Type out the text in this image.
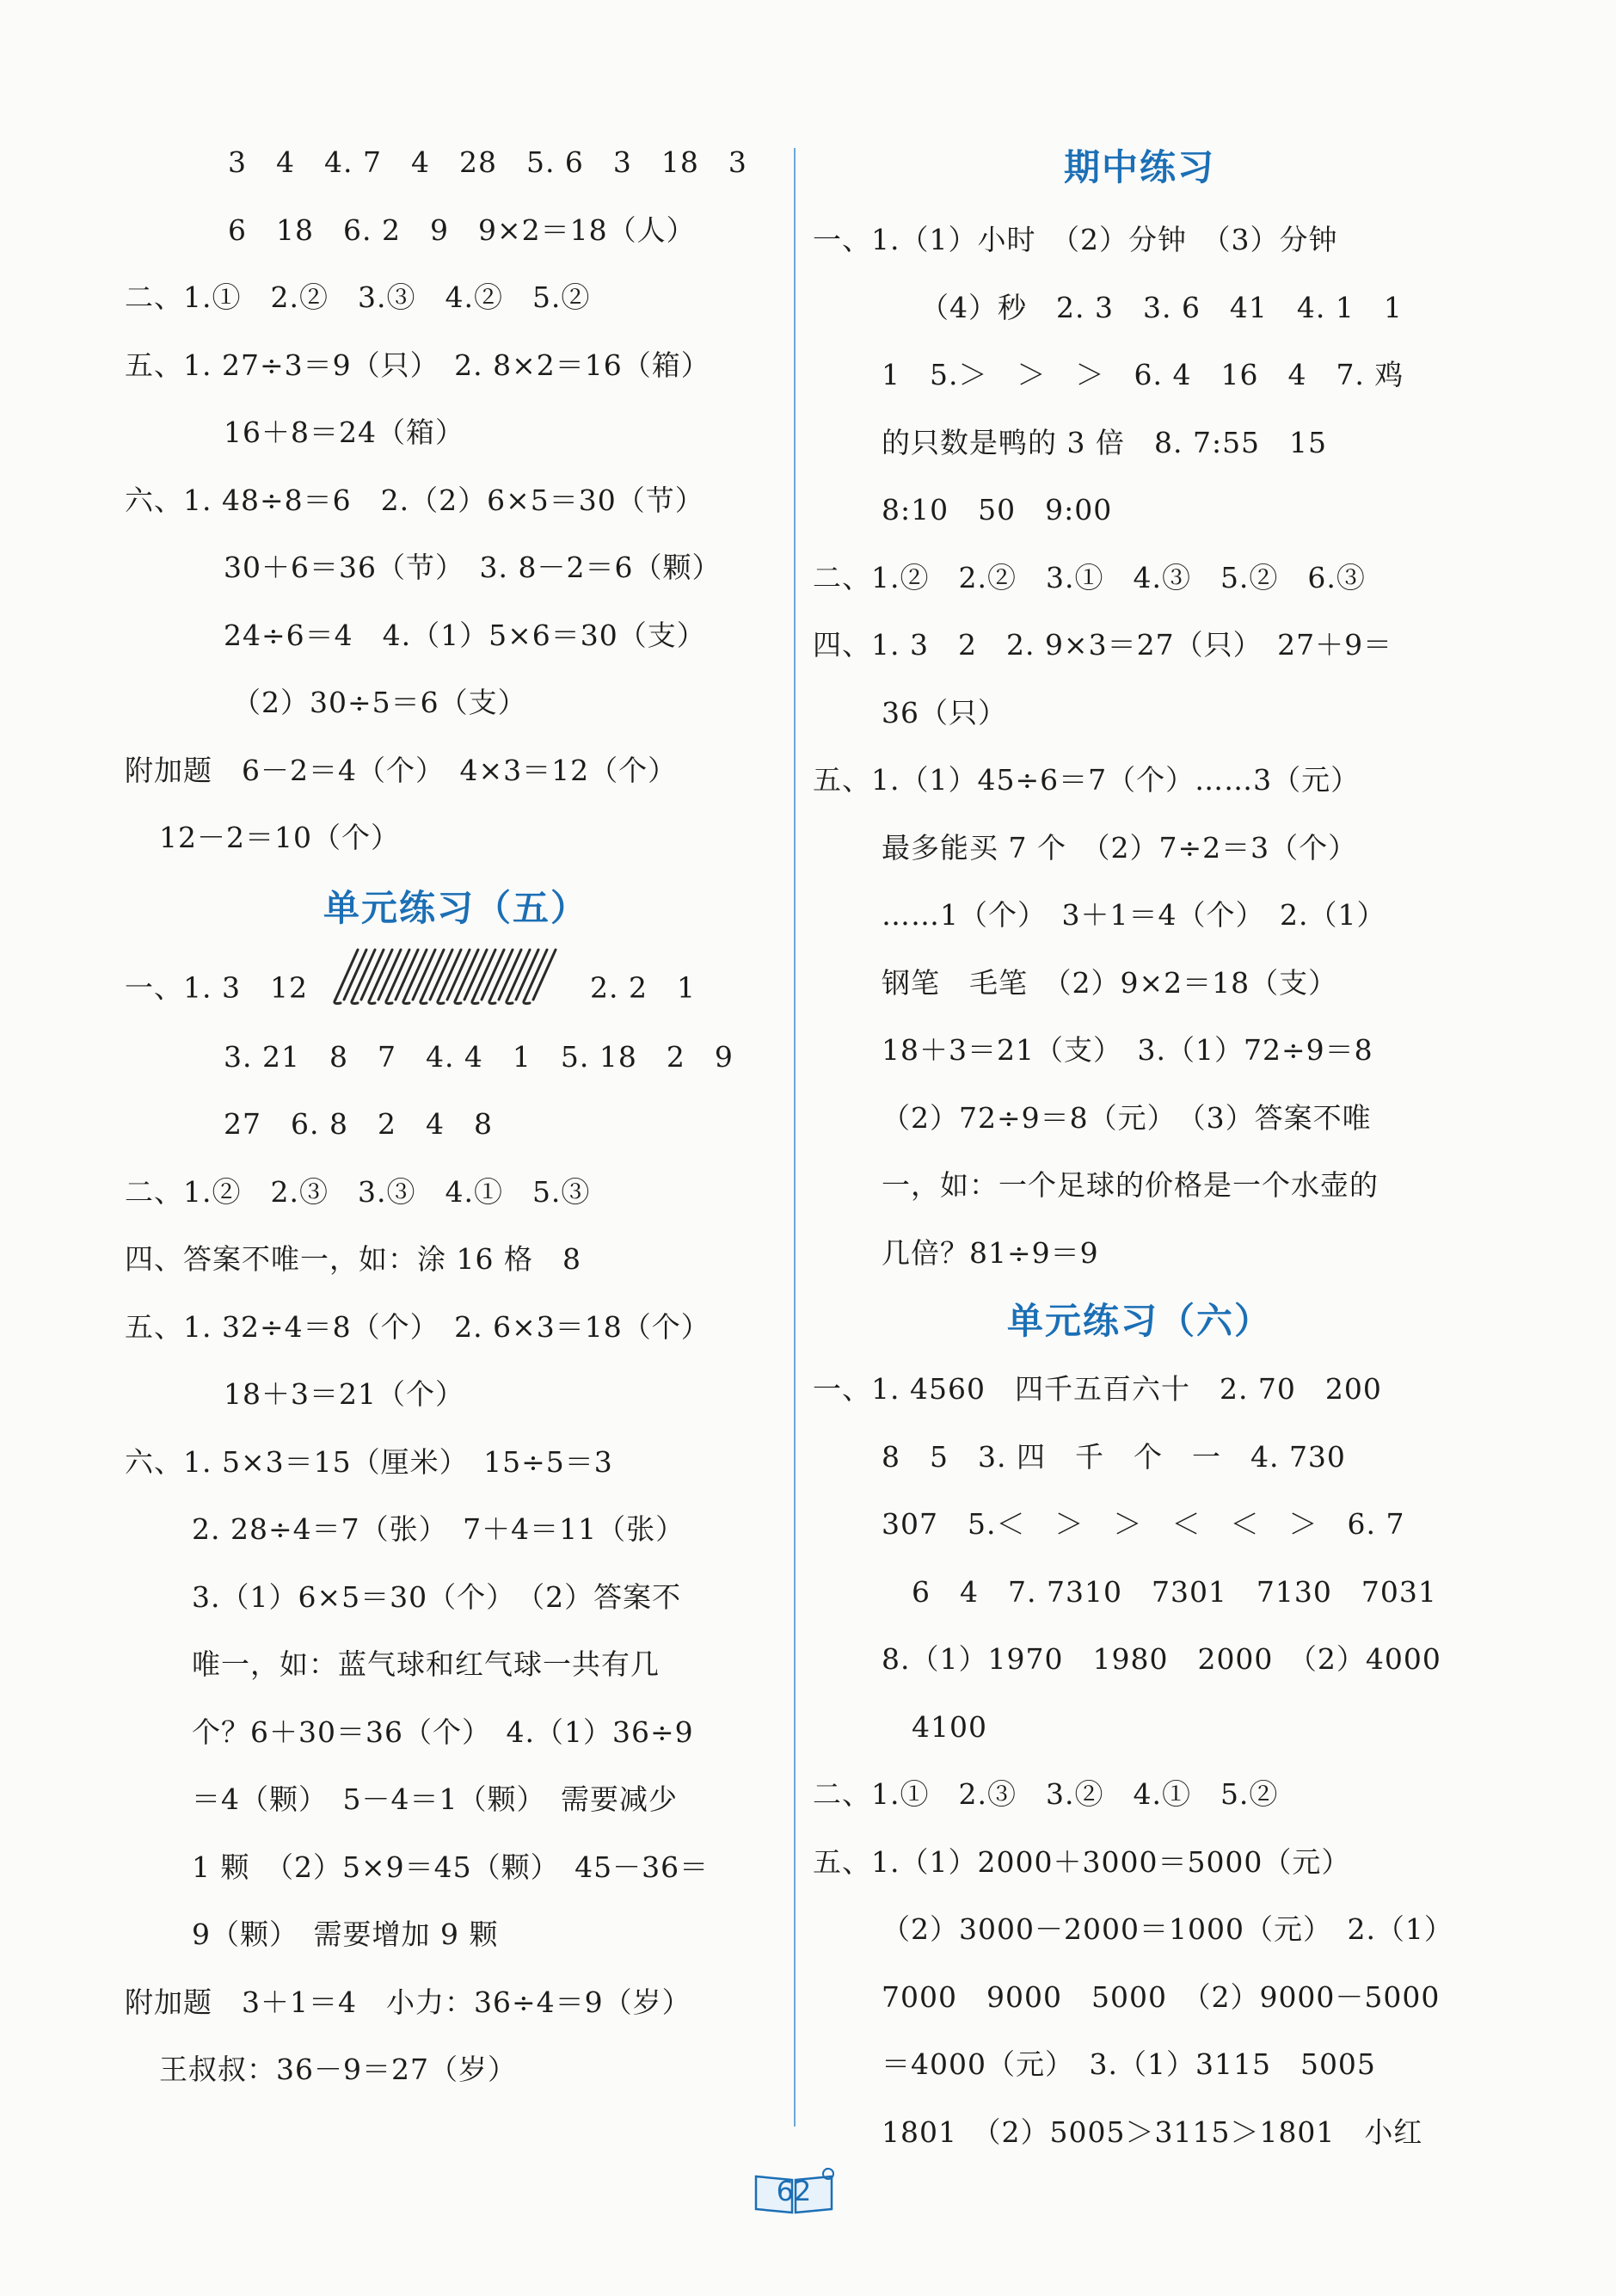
3　4　4. 7　4　28　5. 6　3　18　3
6　18　6. 2　9　9×2＝18（人）
二、1.①　2.②　3.③　4.②　5.②
五、1. 27÷3＝9（只）　2. 8×2＝16（箱）
16＋8＝24（箱）
六、1. 48÷8＝6　2.（2）6×5＝30（节）
30＋6＝36（节）　3. 8－2＝6（颗）
24÷6＝4　4.（1）5×6＝30（支）
（2）30÷5＝6（支）
附加题　6－2＝4（个）　4×3＝12（个）
12－2＝10（个）
单元练习（五）
一、1. 3　12	2. 2　1
3. 21　8　7　4. 4　1　5. 18　2　9
27　6. 8　2　4　8
二、1.②　2.③　3.③　4.①　5.③
四、答案不唯一，如：涂 16 格　8
五、1. 32÷4＝8（个）　2. 6×3＝18（个）
18＋3＝21（个）
六、1. 5×3＝15（厘米）　15÷5＝3
2. 28÷4＝7（张）　7＋4＝11（张）
3.（1）6×5＝30（个）　（2）答案不
唯一，如：蓝气球和红气球一共有几
个？6＋30＝36（个）　4.（1）36÷9
＝4（颗）　5－4＝1（颗）　需要减少
1 颗　（2）5×9＝45（颗）　45－36＝
9（颗）　需要增加 9 颗
附加题　3＋1＝4　小力：36÷4＝9（岁）
王叔叔：36－9＝27（岁）
期中练习
一、1.（1）小时　（2）分钟　（3）分钟
（4）秒　2. 3　3. 6　41　4. 1　1
1　5.＞　＞　＞　6. 4　16　4　7. 鸡
的只数是鸭的 3 倍　8. 7:55　15
8:10　50　9:00
二、1.②　2.②　3.①　4.③　5.②　6.③
四、1. 3　2　2. 9×3＝27（只）　27＋9＝
36（只）
五、1.（1）45÷6＝7（个）……3（元）
最多能买 7 个　（2）7÷2＝3（个）
……1（个）　3＋1＝4（个）　2.（1）
钢笔　毛笔　（2）9×2＝18（支）
18＋3＝21（支）　3.（1）72÷9＝8
（2）72÷9＝8（元）　（3）答案不唯
一，如：一个足球的价格是一个水壶的
几倍？81÷9＝9
单元练习（六）
一、1. 4560　四千五百六十　2. 70　200
8　5　3. 四　千　个　一　4. 730
307　5.＜　＞　＞　＜　＜　＞　6. 7
6　4　7. 7310　7301　7130　7031
8.（1）1970　1980　2000　（2）4000
4100
二、1.①　2.③　3.②　4.①　5.②
五、1.（1）2000＋3000＝5000（元）
（2）3000－2000＝1000（元）　2.（1）
7000　9000　5000　（2）9000－5000
＝4000（元）　3.（1）3115　5005
1801　（2）5005＞3115＞1801　小红
62
